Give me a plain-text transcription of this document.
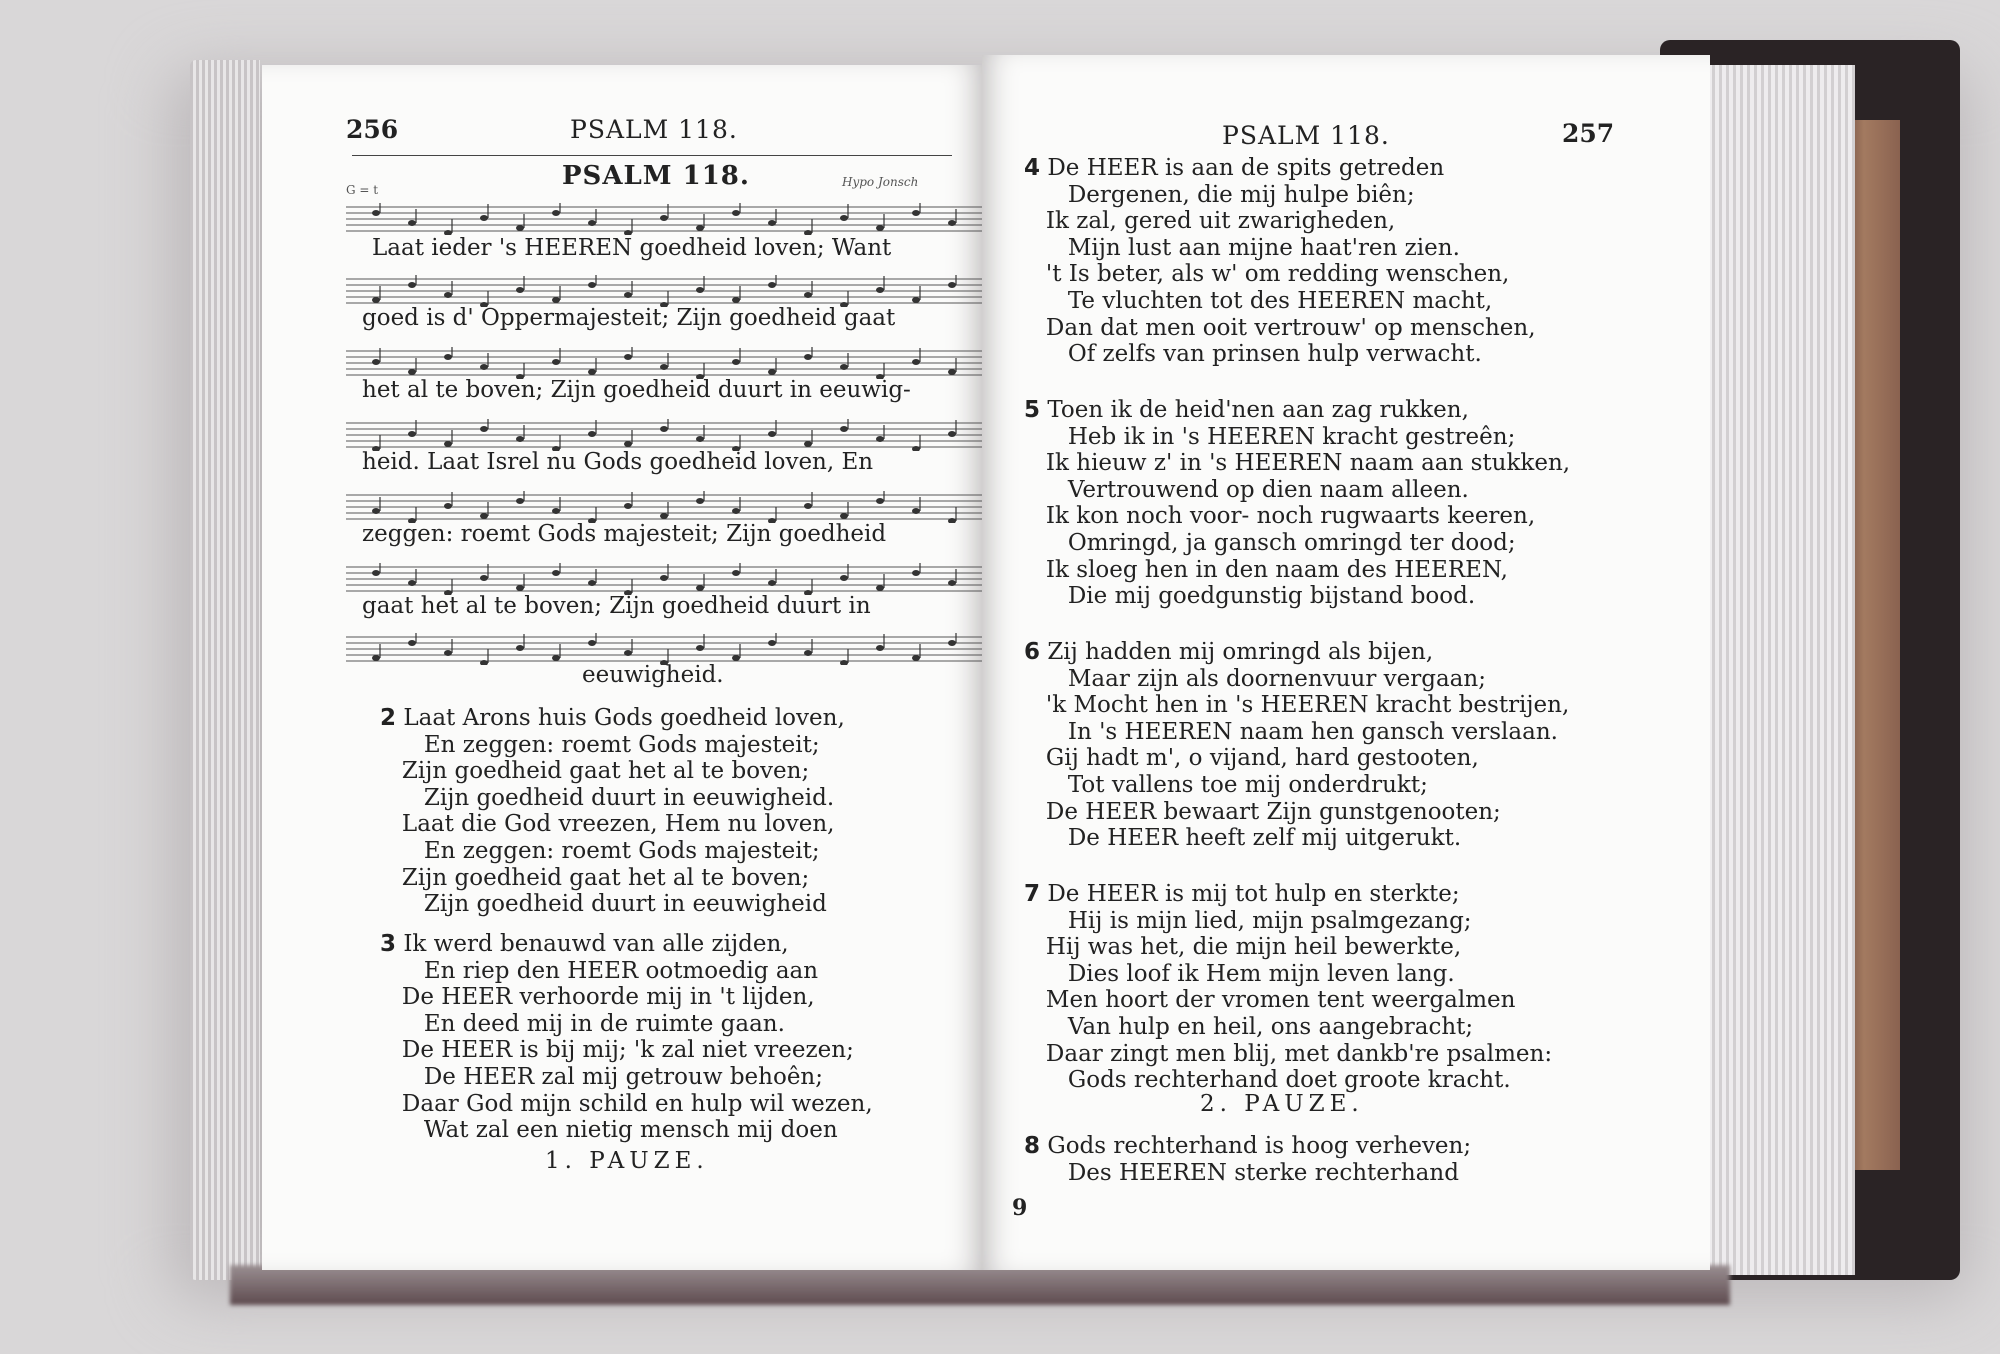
256	PSALM 118.
PSALM 118.
G = t
Hypo Jonsch
Laat ieder 's HEEREN goedheid loven; Want
goed is d' Oppermajesteit; Zijn goedheid gaat
het al te boven; Zijn goedheid duurt in eeuwig-
heid. Laat Isrel nu Gods goedheid loven, En
zeggen: roemt Gods majesteit; Zijn goedheid
gaat het al te boven; Zijn goedheid duurt in
eeuwigheid.
2 Laat Arons huis Gods goedheid loven,
En zeggen: roemt Gods majesteit;
Zijn goedheid gaat het al te boven;
Zijn goedheid duurt in eeuwigheid.
Laat die God vreezen, Hem nu loven,
En zeggen: roemt Gods majesteit;
Zijn goedheid gaat het al te boven;
Zijn goedheid duurt in eeuwigheid
3 Ik werd benauwd van alle zijden,
En riep den HEER ootmoedig aan
De HEER verhoorde mij in 't lijden,
En deed mij in de ruimte gaan.
De HEER is bij mij; 'k zal niet vreezen;
De HEER zal mij getrouw behoên;
Daar God mijn schild en hulp wil wezen,
Wat zal een nietig mensch mij doen
1. PAUZE.
PSALM 118.	257
4 De HEER is aan de spits getreden
Dergenen, die mij hulpe biên;
Ik zal, gered uit zwarigheden,
Mijn lust aan mijne haat'ren zien.
't Is beter, als w' om redding wenschen,
Te vluchten tot des HEEREN macht,
Dan dat men ooit vertrouw' op menschen,
Of zelfs van prinsen hulp verwacht.
5 Toen ik de heid'nen aan zag rukken,
Heb ik in 's HEEREN kracht gestreên;
Ik hieuw z' in 's HEEREN naam aan stukken,
Vertrouwend op dien naam alleen.
Ik kon noch voor- noch rugwaarts keeren,
Omringd, ja gansch omringd ter dood;
Ik sloeg hen in den naam des HEEREN,
Die mij goedgunstig bijstand bood.
6 Zij hadden mij omringd als bijen,
Maar zijn als doornenvuur vergaan;
'k Mocht hen in 's HEEREN kracht bestrijen,
In 's HEEREN naam hen gansch verslaan.
Gij hadt m', o vijand, hard gestooten,
Tot vallens toe mij onderdrukt;
De HEER bewaart Zijn gunstgenooten;
De HEER heeft zelf mij uitgerukt.
7 De HEER is mij tot hulp en sterkte;
Hij is mijn lied, mijn psalmgezang;
Hij was het, die mijn heil bewerkte,
Dies loof ik Hem mijn leven lang.
Men hoort der vromen tent weergalmen
Van hulp en heil, ons aangebracht;
Daar zingt men blij, met dankb're psalmen:
Gods rechterhand doet groote kracht.
2. PAUZE.
8 Gods rechterhand is hoog verheven;
Des HEEREN sterke rechterhand
9
